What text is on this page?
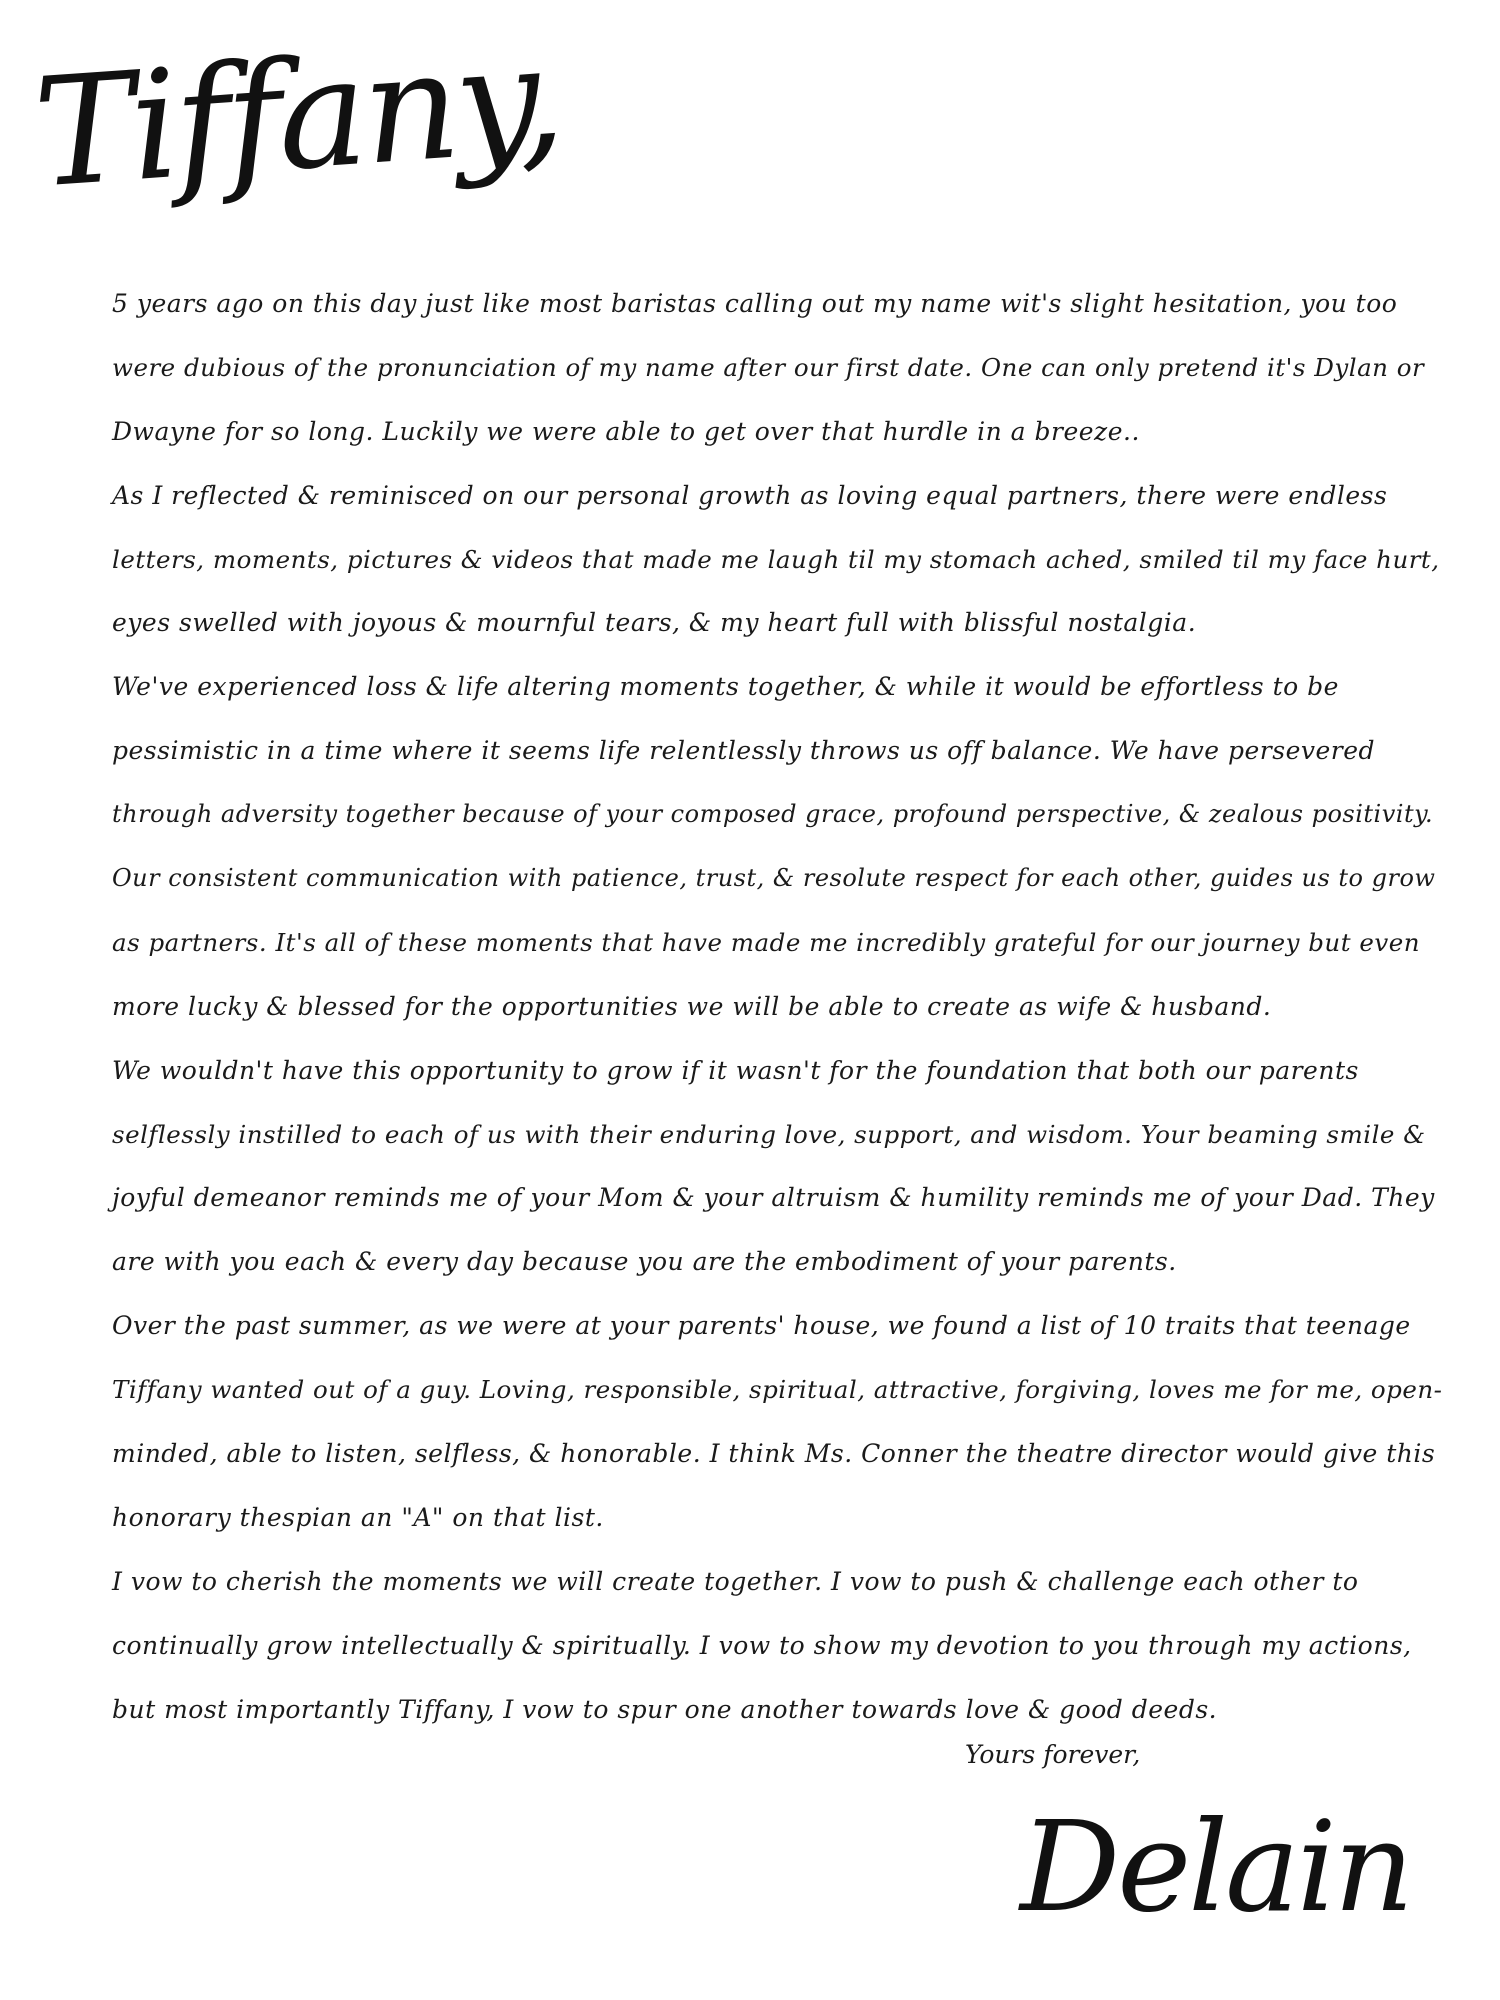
Tiffany,
5 years ago on this day just like most baristas calling out my name wit's slight hesitation, you too
were dubious of the pronunciation of my name after our first date. One can only pretend it's Dylan or
Dwayne for so long. Luckily we were able to get over that hurdle in a breeze..
As I reflected & reminisced on our personal growth as loving equal partners, there were endless
letters, moments, pictures & videos that made me laugh til my stomach ached, smiled til my face hurt,
eyes swelled with joyous & mournful tears, & my heart full with blissful nostalgia.
We've experienced loss & life altering moments together, & while it would be effortless to be
pessimistic in a time where it seems life relentlessly throws us off balance. We have persevered
through adversity together because of your composed grace, profound perspective, & zealous positivity.
Our consistent communication with patience, trust, & resolute respect for each other, guides us to grow
as partners. It's all of these moments that have made me incredibly grateful for our journey but even
more lucky & blessed for the opportunities we will be able to create as wife & husband.
We wouldn't have this opportunity to grow if it wasn't for the foundation that both our parents
selflessly instilled to each of us with their enduring love, support, and wisdom. Your beaming smile &
joyful demeanor reminds me of your Mom & your altruism & humility reminds me of your Dad. They
are with you each & every day because you are the embodiment of your parents.
Over the past summer, as we were at your parents' house, we found a list of 10 traits that teenage
Tiffany wanted out of a guy. Loving, responsible, spiritual, attractive, forgiving, loves me for me, open-
minded, able to listen, selfless, & honorable. I think Ms. Conner the theatre director would give this
honorary thespian an "A" on that list.
I vow to cherish the moments we will create together. I vow to push & challenge each other to
continually grow intellectually & spiritually. I vow to show my devotion to you through my actions,
but most importantly Tiffany, I vow to spur one another towards love & good deeds.
Yours forever,
Delain
